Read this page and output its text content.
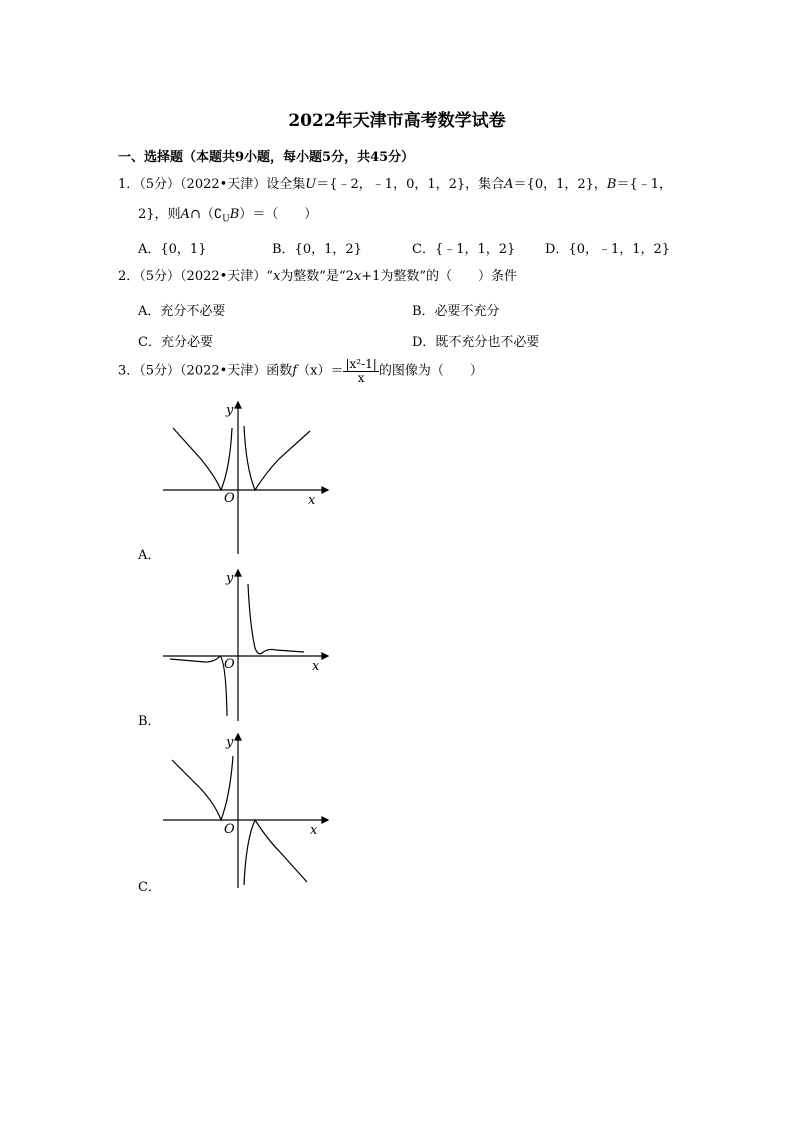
2022年天津市高考数学试卷
一、选择题（本题共9小题，每小题5分，共45分）
1．（5分）（2022•天津）设全集U＝{﹣2，﹣1，0，1，2}，集合A＝{0，1，2}，B＝{﹣1，
2}，则$A\cap(∁_UB)=$（　　）
A．{0，1}	B．{0，1，2}	C．{﹣1，1，2} D．{0，﹣1，1，2}
2．（5分）（2022•天津）“x为整数”是“2x+1为整数”的（　　）条件
A．充分不必要	B．必要不充分
C．充分必要	D．既不充分也不必要
3．（5分）（2022•天津）函数$f(x)= \frac{\text{|x²-1|}}{x}$ 的图像为（　　）
y
x
O
A．
y
x
O
B．
y
x
O
C．
